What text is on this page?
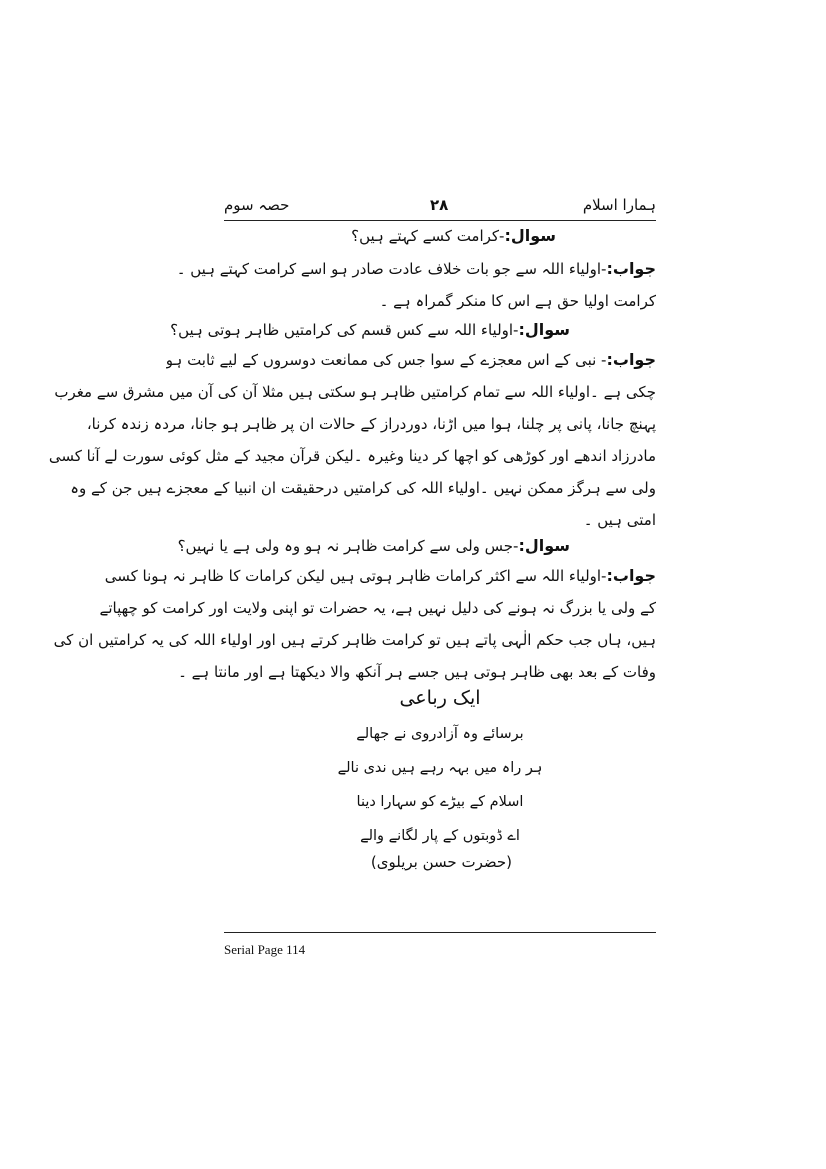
ہمارا اسلام
۲۸
حصہ سوم
سوال:-کرامت کسے کہتے ہیں؟
جواب:-اولیاء اللہ سے جو بات خلاف عادت صادر ہو اسے کرامت کہتے ہیں ۔
کرامت اولیا حق ہے اس کا منکر گمراہ ہے ۔
سوال:-اولیاء اللہ سے کس قسم کی کرامتیں ظاہر ہوتی ہیں؟
جواب:- نبی کے اس معجزے کے سوا جس کی ممانعت دوسروں کے لیے ثابت ہو
چکی ہے ۔اولیاء اللہ سے تمام کرامتیں ظاہر ہو سکتی ہیں مثلا آن کی آن میں مشرق سے مغرب
پہنچ جانا، پانی پر چلنا، ہوا میں اڑنا، دوردراز کے حالات ان پر ظاہر ہو جانا، مردہ زندہ کرنا،
مادرزاد اندھے اور کوڑھی کو اچھا کر دینا وغیرہ ۔لیکن قرآن مجید کے مثل کوئی سورت لے آنا کسی
ولی سے ہرگز ممکن نہیں ۔اولیاء اللہ کی کرامتیں درحقیقت ان انبیا کے معجزے ہیں جن کے وہ
امتی ہیں ۔
سوال:-جس ولی سے کرامت ظاہر نہ ہو وہ ولی ہے یا نہیں؟
جواب:-اولیاء اللہ سے اکثر کرامات ظاہر ہوتی ہیں لیکن کرامات کا ظاہر نہ ہونا کسی
کے ولی یا بزرگ نہ ہونے کی دلیل نہیں ہے، یہ حضرات تو اپنی ولایت اور کرامت کو چھپاتے
ہیں، ہاں جب حکم الٰہی پاتے ہیں تو کرامت ظاہر کرتے ہیں اور اولیاء اللہ کی یہ کرامتیں ان کی
وفات کے بعد بھی ظاہر ہوتی ہیں جسے ہر آنکھ والا دیکھتا ہے اور مانتا ہے ۔
ایک رباعی
برسائے وہ آزادروی نے جھالے
ہر راہ میں بہہ رہے ہیں ندی نالے
اسلام کے بیڑے کو سہارا دینا
اے ڈوبتوں کے پار لگانے والے
(حضرت حسن بریلوی)
Serial Page 114
